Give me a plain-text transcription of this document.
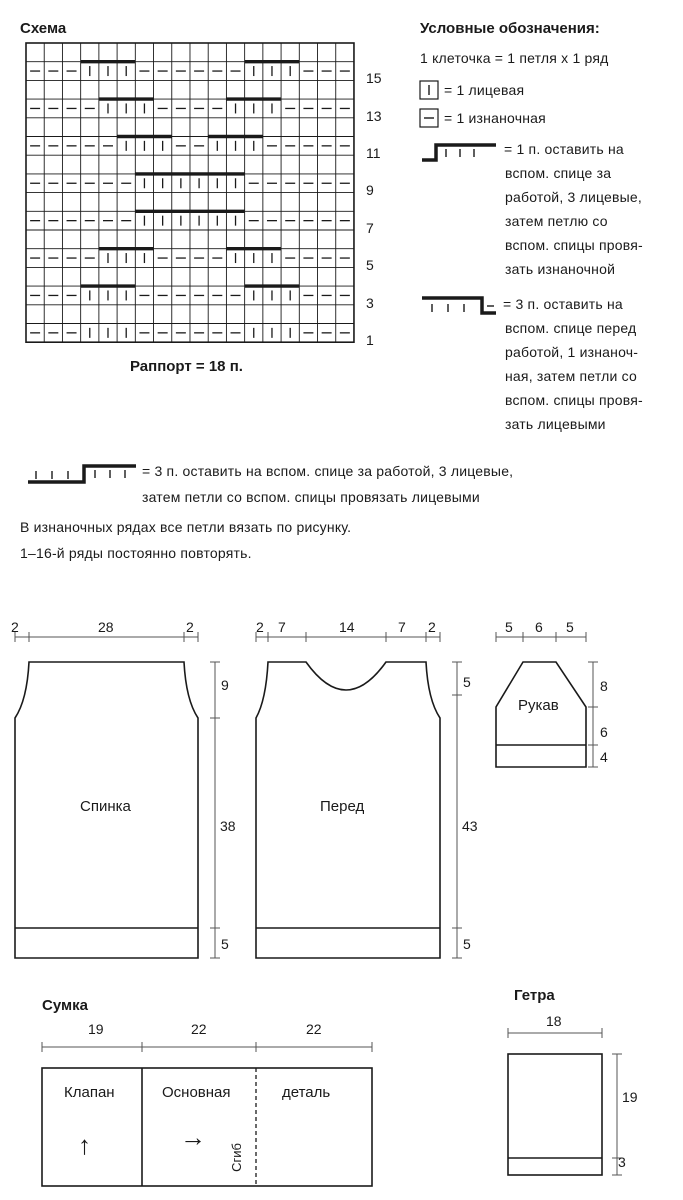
Схема
15
13
11
9
7
5
3
1
Раппорт = 18 п.
Условные обозначения:
1 клеточка = 1 петля х 1 ряд
= 1 лицевая
= 1 изнаночная
= 1 п. оставить на
вспом. спице за
работой, 3 лицевые,
затем петлю со
вспом. спицы провя-
зать изнаночной
= 3 п. оставить на
вспом. спице перед
работой, 1 изнаноч-
ная, затем петли со
вспом. спицы провя-
зать лицевыми
= 3 п. оставить на вспом. спице за работой, 3 лицевые,
затем петли со вспом. спицы провязать лицевыми
В изнаночных рядах все петли вязать по рисунку.
1–16-й ряды постоянно повторять.
2	28	2
9
38
5
Спинка
2 7	14	7 2
5
43
5
Перед
5 6 5
8
6
4
Рукав
Сумка
19	22	22
Клапан	Основная	деталь
↑	→
Сгиб
Гетра
18
19
3
